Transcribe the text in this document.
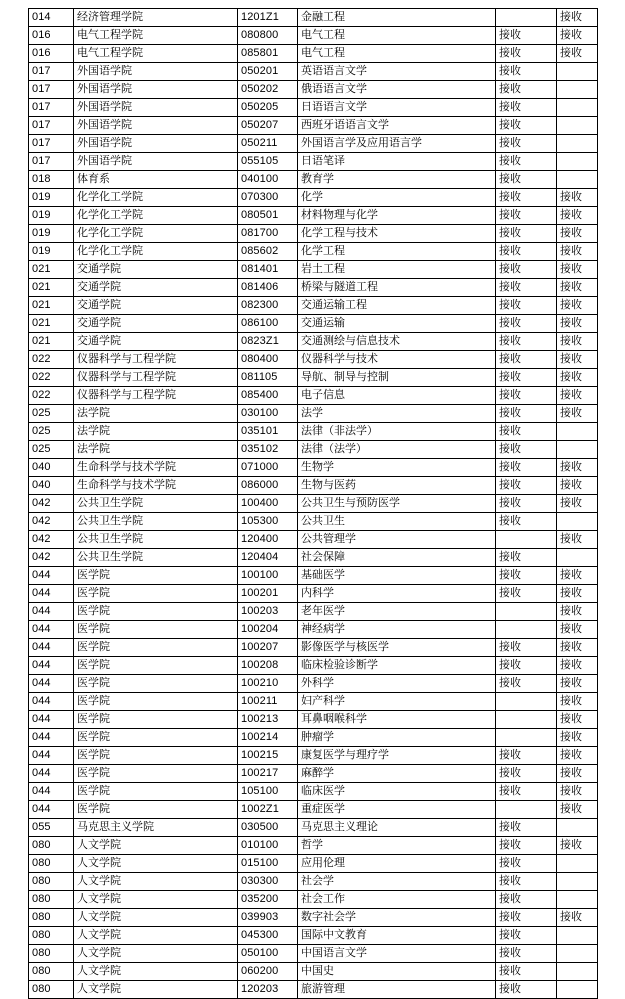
014	经济管理学院	1201Z1	金融工程		接收
016	电气工程学院	080800	电气工程	接收	接收
016	电气工程学院	085801	电气工程	接收	接收
017	外国语学院	050201	英语语言文学	接收	
017	外国语学院	050202	俄语语言文学	接收	
017	外国语学院	050205	日语语言文学	接收	
017	外国语学院	050207	西班牙语语言文学	接收	
017	外国语学院	050211	外国语言学及应用语言学	接收	
017	外国语学院	055105	日语笔译	接收	
018	体育系	040100	教育学	接收	
019	化学化工学院	070300	化学	接收	接收
019	化学化工学院	080501	材料物理与化学	接收	接收
019	化学化工学院	081700	化学工程与技术	接收	接收
019	化学化工学院	085602	化学工程	接收	接收
021	交通学院	081401	岩土工程	接收	接收
021	交通学院	081406	桥梁与隧道工程	接收	接收
021	交通学院	082300	交通运输工程	接收	接收
021	交通学院	086100	交通运输	接收	接收
021	交通学院	0823Z1	交通测绘与信息技术	接收	接收
022	仪器科学与工程学院	080400	仪器科学与技术	接收	接收
022	仪器科学与工程学院	081105	导航、制导与控制	接收	接收
022	仪器科学与工程学院	085400	电子信息	接收	接收
025	法学院	030100	法学	接收	接收
025	法学院	035101	法律（非法学）	接收	
025	法学院	035102	法律（法学）	接收	
040	生命科学与技术学院	071000	生物学	接收	接收
040	生命科学与技术学院	086000	生物与医药	接收	接收
042	公共卫生学院	100400	公共卫生与预防医学	接收	接收
042	公共卫生学院	105300	公共卫生	接收	
042	公共卫生学院	120400	公共管理学		接收
042	公共卫生学院	120404	社会保障	接收	
044	医学院	100100	基础医学	接收	接收
044	医学院	100201	内科学	接收	接收
044	医学院	100203	老年医学		接收
044	医学院	100204	神经病学		接收
044	医学院	100207	影像医学与核医学	接收	接收
044	医学院	100208	临床检验诊断学	接收	接收
044	医学院	100210	外科学	接收	接收
044	医学院	100211	妇产科学		接收
044	医学院	100213	耳鼻咽喉科学		接收
044	医学院	100214	肿瘤学		接收
044	医学院	100215	康复医学与理疗学	接收	接收
044	医学院	100217	麻醉学	接收	接收
044	医学院	105100	临床医学	接收	接收
044	医学院	1002Z1	重症医学		接收
055	马克思主义学院	030500	马克思主义理论	接收	
080	人文学院	010100	哲学	接收	接收
080	人文学院	015100	应用伦理	接收	
080	人文学院	030300	社会学	接收	
080	人文学院	035200	社会工作	接收	
080	人文学院	039903	数字社会学	接收	接收
080	人文学院	045300	国际中文教育	接收	
080	人文学院	050100	中国语言文学	接收	
080	人文学院	060200	中国史	接收	
080	人文学院	120203	旅游管理	接收	
